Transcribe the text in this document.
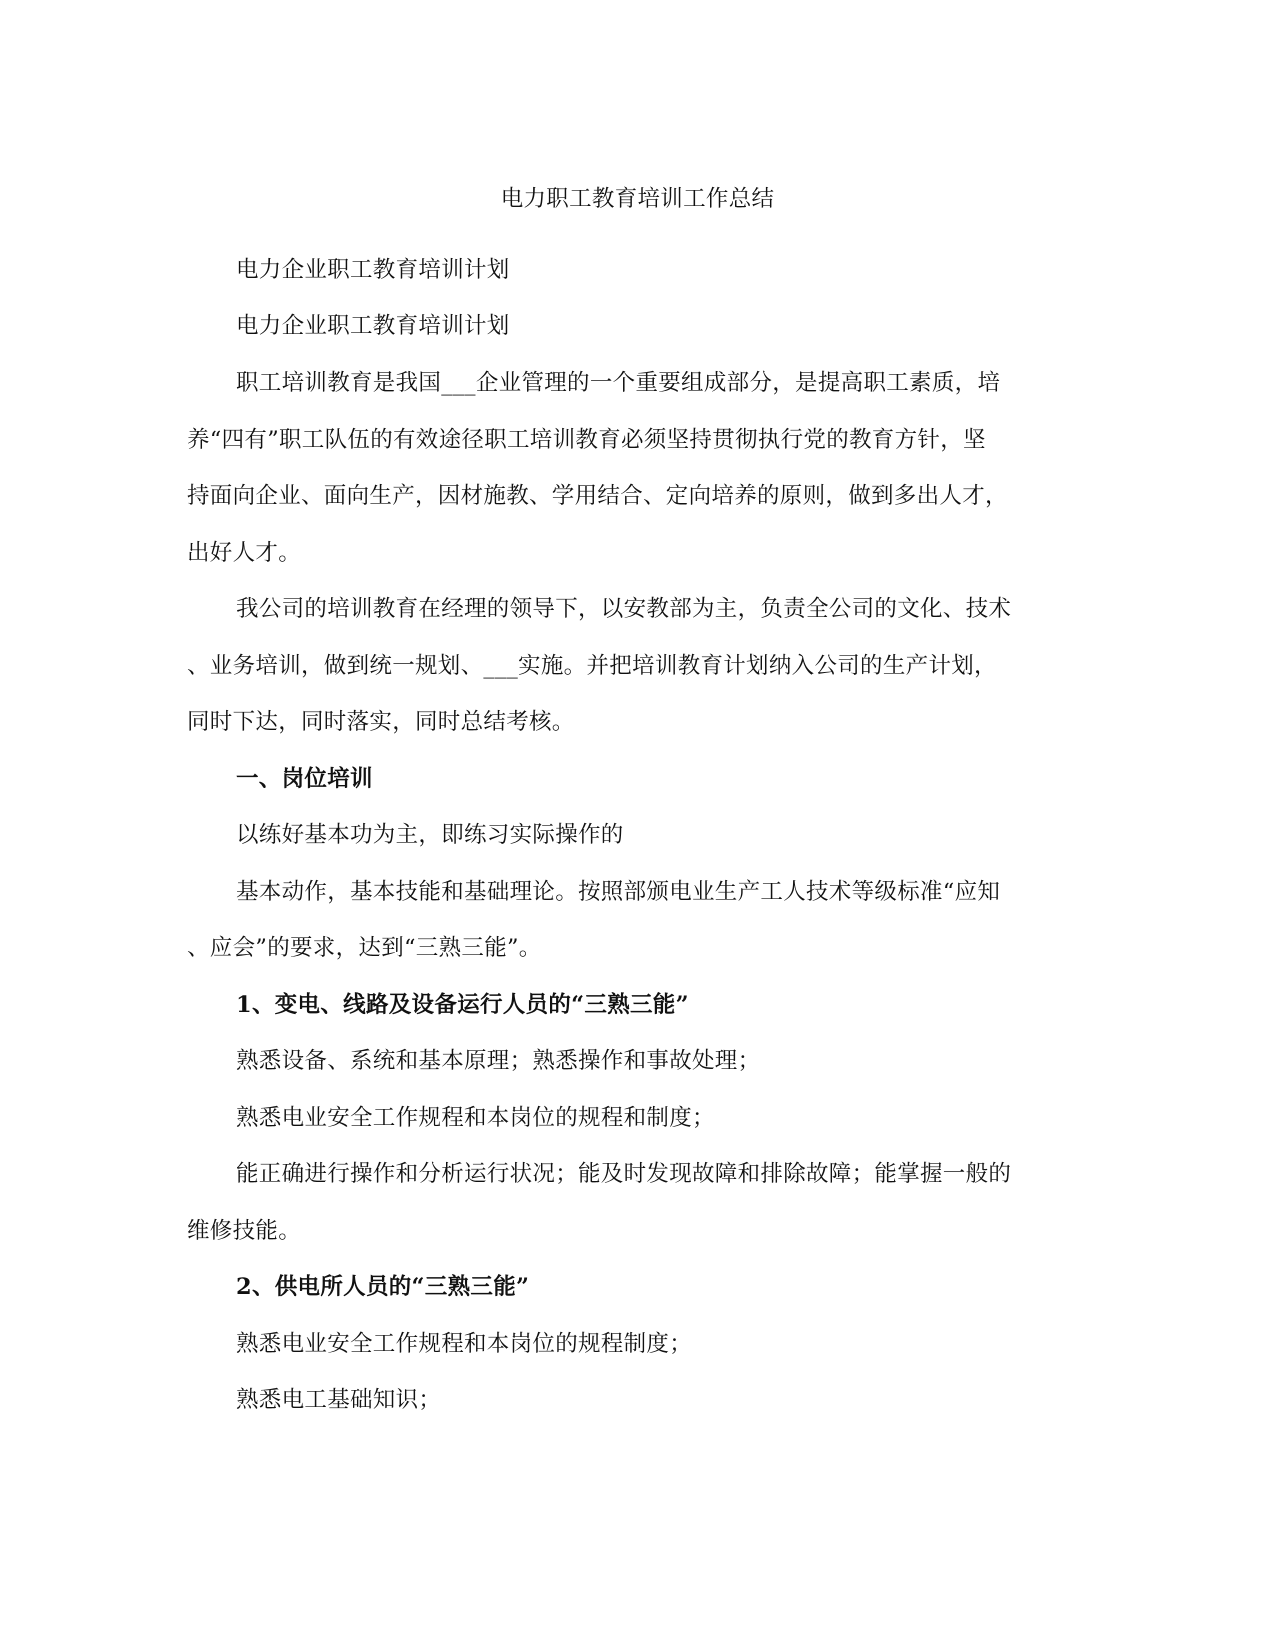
电力职工教育培训工作总结
电力企业职工教育培训计划
电力企业职工教育培训计划
职工培训教育是我国___企业管理的一个重要组成部分，是提高职工素质，培
养“四有”职工队伍的有效途径职工培训教育必须坚持贯彻执行党的教育方针，坚
持面向企业、面向生产，因材施教、学用结合、定向培养的原则，做到多出人才，
出好人才。
我公司的培训教育在经理的领导下，以安教部为主，负责全公司的文化、技术
、业务培训，做到统一规划、___实施。并把培训教育计划纳入公司的生产计划，
同时下达，同时落实，同时总结考核。
一、岗位培训
以练好基本功为主，即练习实际操作的
基本动作，基本技能和基础理论。按照部颁电业生产工人技术等级标准“应知
、应会”的要求，达到“三熟三能”。
1、变电、线路及设备运行人员的“三熟三能”
熟悉设备、系统和基本原理；熟悉操作和事故处理；
熟悉电业安全工作规程和本岗位的规程和制度；
能正确进行操作和分析运行状况；能及时发现故障和排除故障；能掌握一般的
维修技能。
2、供电所人员的“三熟三能”
熟悉电业安全工作规程和本岗位的规程制度；
熟悉电工基础知识；
